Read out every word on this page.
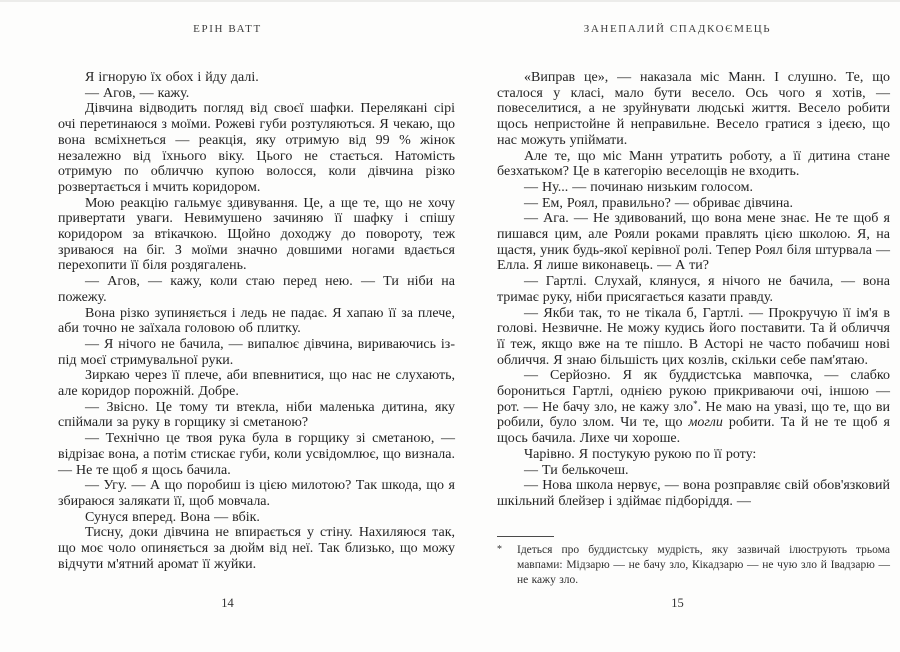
ЕРІН ВАТТ

Я ігнорую їх обох і йду далі.

— Агов, — кажу.

Дівчина відводить погляд від своєї шафки. Перелякані сірі очі перетинаюся з моїми. Рожеві губи розтуляються. Я чекаю, що вона всміхнеться — реакція, яку отримую від 99 % жінок незалежно від їхнього віку. Цього не стається. Натомість отримую по обличчю купою волосся, коли дівчина різко розвертається і мчить коридором.

Мою реакцію гальмує здивування. Це, а ще те, що не хочу привертати уваги. Невимушено зачиняю її шафку і спішу коридором за втікачкою. Щойно доходжу до повороту, теж зриваюся на біг. З моїми значно довшими ногами вдається перехопити її біля роздягалень.

— Агов, — кажу, коли стаю перед нею. — Ти ніби на пожежу.

Вона різко зупиняється і ледь не падає. Я хапаю її за плече, аби точно не заїхала головою об плитку.

— Я нічого не бачила, — випалює дівчина, вириваючись із-під моєї стримувальної руки.

Зиркаю через її плече, аби впевнитися, що нас не слухають, але коридор порожній. Добре.

— Звісно. Це тому ти втекла, ніби маленька дитина, яку спіймали за руку в горщику зі сметаною?

— Технічно це твоя рука була в горщику зі сметаною, — відрізає вона, а потім стискає губи, коли усвідомлює, що визнала. — Не те щоб я щось бачила.

— Угу. — А що поробиш із цією милотою? Так шкода, що я збираюся залякати її, щоб мовчала.

Сунуся вперед. Вона — вбік.

Тисну, доки дівчина не впирається у стіну. Нахиляюся так, що моє чоло опиняється за дюйм від неї. Так близько, що можу відчути м'ятний аромат її жуйки.

14
ЗАНЕПАЛИЙ СПАДКОЄМЕЦЬ

«Виправ це», — наказала міс Манн. І слушно. Те, що сталося у класі, мало бути весело. Ось чого я хотів, — повеселитися, а не зруйнувати людські життя. Весело робити щось непристойне й неправильне. Весело гратися з ідеєю, що нас можуть упіймати.

Але те, що міс Манн утратить роботу, а її дитина стане безхатьком? Це в категорію веселощів не входить.

— Ну... — починаю низьким голосом.

— Ем, Роял, правильно? — обриває дівчина.

— Ага. — Не здивований, що вона мене знає. Не те щоб я пишався цим, але Рояли роками правлять цією школою. Я, на щастя, уник будь-якої керівної ролі. Тепер Роял біля штурвала — Елла. Я лише виконавець. — А ти?

— Гартлі. Слухай, клянуся, я нічого не бачила, — вона тримає руку, ніби присягається казати правду.

— Якби так, то не тікала б, Гартлі. — Прокручую її ім'я в голові. Незвичне. Не можу кудись його поставити. Та й обличчя її теж, якщо вже на те пішло. В Асторі не часто побачиш нові обличчя. Я знаю більшість цих козлів, скільки себе пам'ятаю.

— Серйозно. Я як буддистська мавпочка, — слабко борониться Гартлі, однією рукою прикриваючи очі, іншою — рот. — Не бачу зло, не кажу зло*. Не маю на увазі, що те, що ви робили, було злом. Чи те, що могли робити. Та й не те щоб я щось бачила. Лихе чи хороше.

Чарівно. Я постукую рукою по її роту:

— Ти белькочеш.

— Нова школа нервує, — вона розправляє свій обов'язковий шкільний блейзер і здіймає підборіддя. —

*	Ідеться про буддистську мудрість, яку зазвичай ілюструють трьома мавпами: Мідзарю — не бачу зло, Кікадзарю — не чую зло й Івадзарю — не кажу зло.
15
